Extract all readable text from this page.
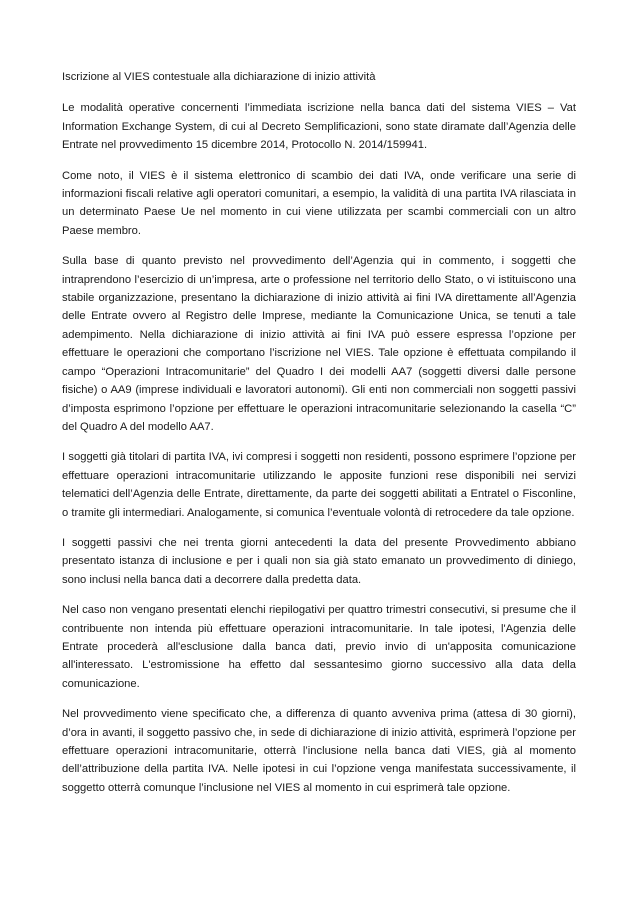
Iscrizione al VIES contestuale alla dichiarazione di inizio attività

Le modalità operative concernenti l’immediata iscrizione nella banca dati del sistema VIES – Vat Information Exchange System, di cui al Decreto Semplificazioni, sono state diramate dall’Agenzia delle Entrate nel provvedimento 15 dicembre 2014, Protocollo N. 2014/159941.

Come noto, il VIES è il sistema elettronico di scambio dei dati IVA, onde verificare una serie di informazioni fiscali relative agli operatori comunitari, a esempio, la validità di una partita IVA rilasciata in un determinato Paese Ue nel momento in cui viene utilizzata per scambi commerciali con un altro Paese membro.

Sulla base di quanto previsto nel provvedimento dell’Agenzia qui in commento, i soggetti che intraprendono l’esercizio di un’impresa, arte o professione nel territorio dello Stato, o vi istituiscono una stabile organizzazione, presentano la dichiarazione di inizio attività ai fini IVA direttamente all’Agenzia delle Entrate ovvero al Registro delle Imprese, mediante la Comunicazione Unica, se tenuti a tale adempimento. Nella dichiarazione di inizio attività ai fini IVA può essere espressa l’opzione per effettuare le operazioni che comportano l’iscrizione nel VIES. Tale opzione è effettuata compilando il campo “Operazioni Intracomunitarie” del Quadro I dei modelli AA7 (soggetti diversi dalle persone fisiche) o AA9 (imprese individuali e lavoratori autonomi). Gli enti non commerciali non soggetti passivi d’imposta esprimono l’opzione per effettuare le operazioni intracomunitarie selezionando la casella “C” del Quadro A del modello AA7.

I soggetti già titolari di partita IVA, ivi compresi i soggetti non residenti, possono esprimere l’opzione per effettuare operazioni intracomunitarie utilizzando le apposite funzioni rese disponibili nei servizi telematici dell’Agenzia delle Entrate, direttamente, da parte dei soggetti abilitati a Entratel o Fisconline, o tramite gli intermediari. Analogamente, si comunica l’eventuale volontà di retrocedere da tale opzione.

I soggetti passivi che nei trenta giorni antecedenti la data del presente Provvedimento abbiano presentato istanza di inclusione e per i quali non sia già stato emanato un provvedimento di diniego, sono inclusi nella banca dati a decorrere dalla predetta data.

Nel caso non vengano presentati elenchi riepilogativi per quattro trimestri consecutivi, si presume che il contribuente non intenda più effettuare operazioni intracomunitarie. In tale ipotesi, l'Agenzia delle Entrate procederà all'esclusione dalla banca dati, previo invio di un'apposita comunicazione all'interessato. L'estromissione ha effetto dal sessantesimo giorno successivo alla data della comunicazione.

Nel provvedimento viene specificato che, a differenza di quanto avveniva prima (attesa di 30 giorni), d’ora in avanti, il soggetto passivo che, in sede di dichiarazione di inizio attività, esprimerà l’opzione per effettuare operazioni intracomunitarie, otterrà l’inclusione nella banca dati VIES, già al momento dell’attribuzione della partita IVA. Nelle ipotesi in cui l’opzione venga manifestata successivamente, il soggetto otterrà comunque l’inclusione nel VIES al momento in cui esprimerà tale opzione.
